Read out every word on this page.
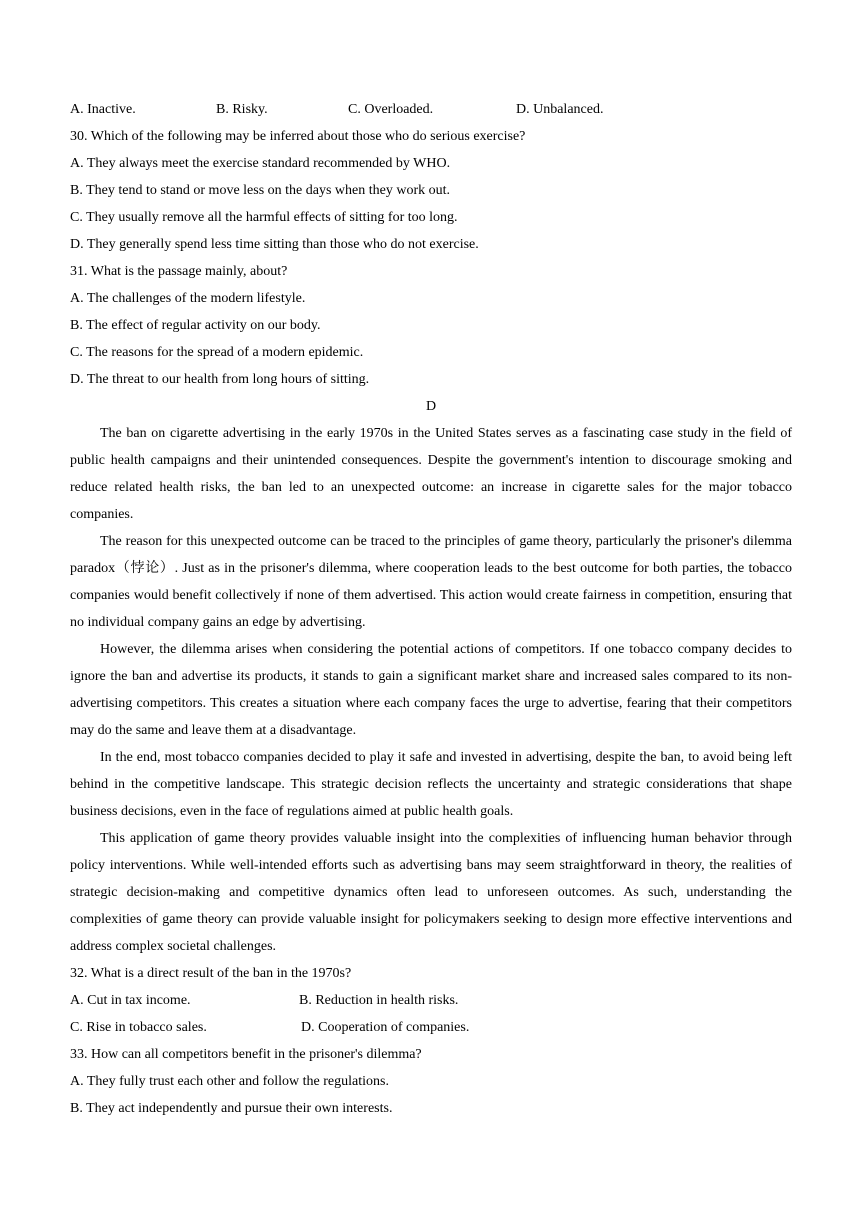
A. Inactive.	B. Risky.	C. Overloaded.	D. Unbalanced.
30. Which of the following may be inferred about those who do serious exercise?
A. They always meet the exercise standard recommended by WHO.
B. They tend to stand or move less on the days when they work out.
C. They usually remove all the harmful effects of sitting for too long.
D. They generally spend less time sitting than those who do not exercise.
31. What is the passage mainly, about?
A. The challenges of the modern lifestyle.
B. The effect of regular activity on our body.
C. The reasons for the spread of a modern epidemic.
D. The threat to our health from long hours of sitting.
D

The ban on cigarette advertising in the early 1970s in the United States serves as a fascinating case study in the field of public health campaigns and their unintended consequences. Despite the government's intention to discourage smoking and reduce related health risks, the ban led to an unexpected outcome: an increase in cigarette sales for the major tobacco companies.

The reason for this unexpected outcome can be traced to the principles of game theory, particularly the prisoner's dilemma paradox（悖论）. Just as in the prisoner's dilemma, where cooperation leads to the best outcome for both parties, the tobacco companies would benefit collectively if none of them advertised. This action would create fairness in competition, ensuring that no individual company gains an edge by advertising.

However, the dilemma arises when considering the potential actions of competitors. If one tobacco company decides to ignore the ban and advertise its products, it stands to gain a significant market share and increased sales compared to its non-advertising competitors. This creates a situation where each company faces the urge to advertise, fearing that their competitors may do the same and leave them at a disadvantage.

In the end, most tobacco companies decided to play it safe and invested in advertising, despite the ban, to avoid being left behind in the competitive landscape. This strategic decision reflects the uncertainty and strategic considerations that shape business decisions, even in the face of regulations aimed at public health goals.

This application of game theory provides valuable insight into the complexities of influencing human behavior through policy interventions. While well-intended efforts such as advertising bans may seem straightforward in theory, the realities of strategic decision-making and competitive dynamics often lead to unforeseen outcomes. As such, understanding the complexities of game theory can provide valuable insight for policymakers seeking to design more effective interventions and address complex societal challenges.

32. What is a direct result of the ban in the 1970s?
A. Cut in tax income.	B. Reduction in health risks.
C. Rise in tobacco sales.	D. Cooperation of companies.
33. How can all competitors benefit in the prisoner's dilemma?
A. They fully trust each other and follow the regulations.
B. They act independently and pursue their own interests.
